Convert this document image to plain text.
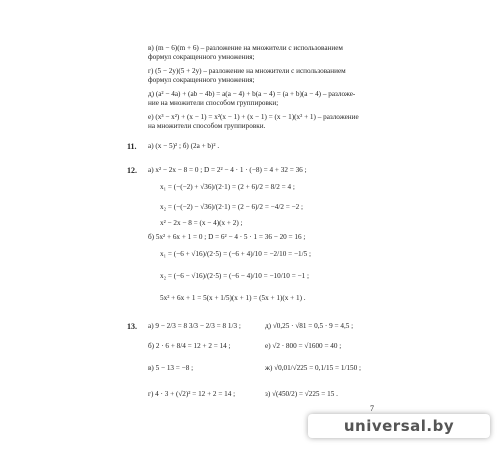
в) (m − 6)(m + 6) – разложение на множители с использованием
формул сокращенного умножения;
г) (5 − 2y)(5 + 2y) – разложение на множители с использованием
формул сокращенного умножения;
д) (a² − 4a) + (ab − 4b) = a(a − 4) + b(a − 4) = (a + b)(a − 4) – разложе-
ние на множители способом группировки;
е) (x³ − x²) + (x − 1) = x²(x − 1) + (x − 1) = (x − 1)(x² + 1) – разложение
на множители способом группировки.
11. а) (x − 5)² ; б) (2a + b)² .
12. а) x² − 2x − 8 = 0 ; D = 2² − 4 · 1 · (−8) = 4 + 32 = 36 ;
x₁ = (−(−2) + √36)/(2·1) = (2 + 6)/2 = 8/2 = 4 ;
x₂ = (−(−2) − √36)/(2·1) = (2 − 6)/2 = −4/2 = −2 ;
x² − 2x − 8 = (x − 4)(x + 2) ;
б) 5x² + 6x + 1 = 0 ; D = 6² − 4 · 5 · 1 = 36 − 20 = 16 ;
x₁ = (−6 + √16)/(2·5) = (−6 + 4)/10 = −2/10 = −1/5 ;
x₂ = (−6 − √16)/(2·5) = (−6 − 4)/10 = −10/10 = −1 ;
5x² + 6x + 1 = 5(x + 1/5)(x + 1) = (5x + 1)(x + 1) .
13. а) 9 − 2/3 = 8 3/3 − 2/3 = 8 1/3 ;	д) √0,25 · √81 = 0,5 · 9 = 4,5 ;
б) 2 · 6 + 8/4 = 12 + 2 = 14 ;	е) √2 · 800 = √1600 = 40 ;
в) 5 − 13 = −8 ;	ж) √0,01/√225 = 0,1/15 = 1/150 ;
г) 4 · 3 + (√2)² = 12 + 2 = 14 ;	з) √(450/2) = √225 = 15 .
7
universal.by
